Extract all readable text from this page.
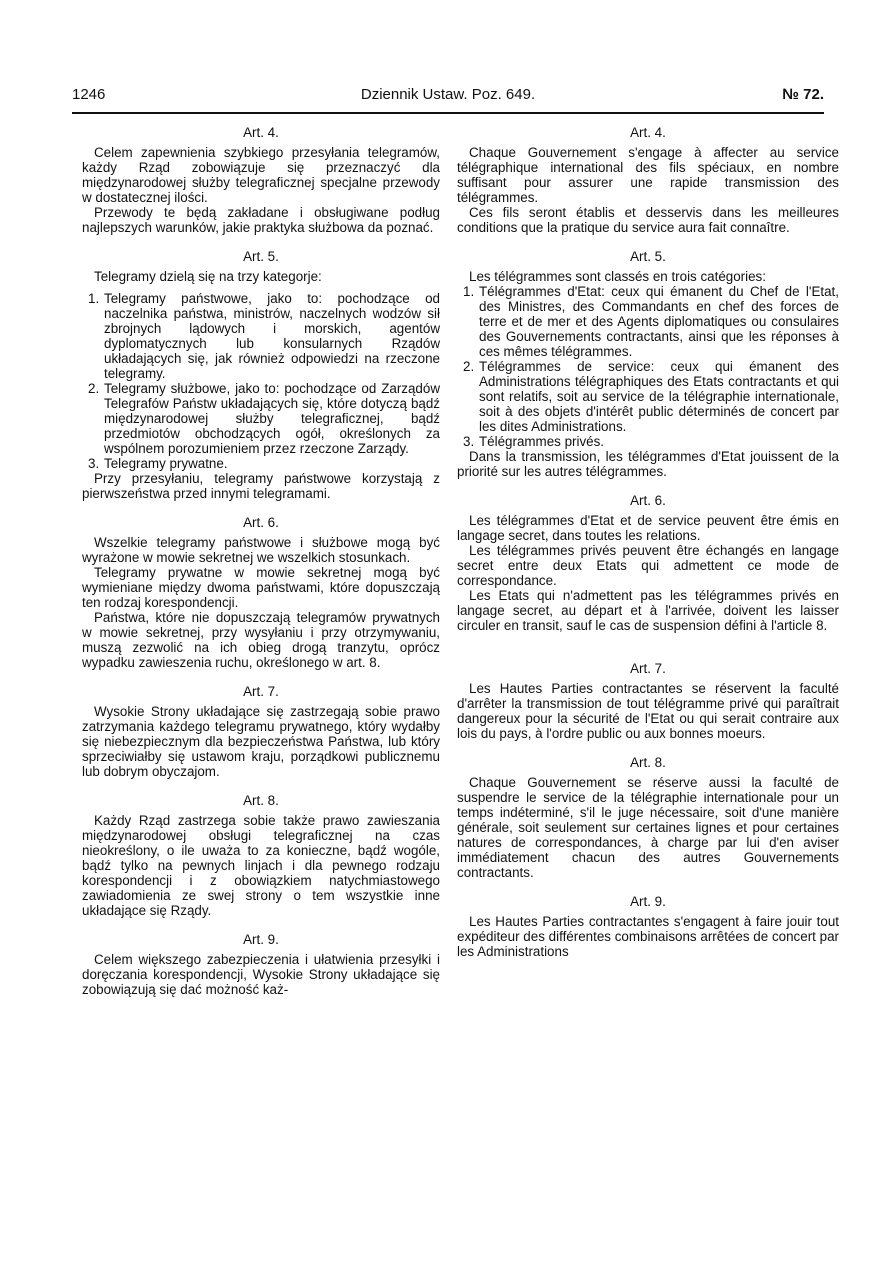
1246	Dziennik Ustaw. Poz. 649.	№ 72.
Art. 4.

Celem zapewnienia szybkiego przesyłania telegramów, każdy Rząd zobowiązuje się przeznaczyć dla międzynarodowej służby telegraficznej specjalne przewody w dostatecznej ilości.

Przewody te będą zakładane i obsługiwane podług najlepszych warunków, jakie praktyka służbowa da poznać.

Art. 5.

Telegramy dzielą się na trzy kategorje:

1. Telegramy państwowe, jako to: pochodzące od naczelnika państwa, ministrów, naczelnych wodzów sił zbrojnych lądowych i morskich, agentów dyplomatycznych lub konsularnych Rządów układających się, jak również odpowiedzi na rzeczone telegramy.
2. Telegramy służbowe, jako to: pochodzące od Zarządów Telegrafów Państw układających się, które dotyczą bądź międzynarodowej służby telegraficznej, bądź przedmiotów obchodzących ogół, określonych za wspólnem porozumieniem przez rzeczone Zarządy.
3. Telegramy prywatne.

Przy przesyłaniu, telegramy państwowe korzystają z pierwszeństwa przed innymi telegramami.

Art. 6.

Wszelkie telegramy państwowe i służbowe mogą być wyrażone w mowie sekretnej we wszelkich stosunkach.

Telegramy prywatne w mowie sekretnej mogą być wymieniane między dwoma państwami, które dopuszczają ten rodzaj korespondencji.

Państwa, które nie dopuszczają telegramów prywatnych w mowie sekretnej, przy wysyłaniu i przy otrzymywaniu, muszą zezwolić na ich obieg drogą tranzytu, oprócz wypadku zawieszenia ruchu, określonego w art. 8.

Art. 7.

Wysokie Strony układające się zastrzegają sobie prawo zatrzymania każdego telegramu prywatnego, który wydałby się niebezpiecznym dla bezpieczeństwa Państwa, lub który sprzeciwiałby się ustawom kraju, porządkowi publicznemu lub dobrym obyczajom.

Art. 8.

Każdy Rząd zastrzega sobie także prawo zawieszania międzynarodowej obsługi telegraficznej na czas nieokreślony, o ile uważa to za konieczne, bądź wogóle, bądź tylko na pewnych linjach i dla pewnego rodzaju korespondencji i z obowiązkiem natychmiastowego zawiadomienia ze swej strony o tem wszystkie inne układające się Rządy.

Art. 9.

Celem większego zabezpieczenia i ułatwienia przesyłki i doręczania korespondencji, Wysokie Strony układające się zobowiązują się dać możność każ-

Art. 4.

Chaque Gouvernement s'engage à affecter au service télégraphique international des fils spéciaux, en nombre suffisant pour assurer une rapide transmission des télégrammes.

Ces fils seront établis et desservis dans les meilleures conditions que la pratique du service aura fait connaître.

Art. 5.

Les télégrammes sont classés en trois catégories:

1. Télégrammes d'Etat: ceux qui émanent du Chef de l'Etat, des Ministres, des Commandants en chef des forces de terre et de mer et des Agents diplomatiques ou consulaires des Gouvernements contractants, ainsi que les réponses à ces mêmes télégrammes.
2. Télégrammes de service: ceux qui émanent des Administrations télégraphiques des Etats contractants et qui sont relatifs, soit au service de la télégraphie internationale, soit à des objets d'intérêt public déterminés de concert par les dites Administrations.
3. Télégrammes privés.

Dans la transmission, les télégrammes d'Etat jouissent de la priorité sur les autres télégrammes.

Art. 6.

Les télégrammes d'Etat et de service peuvent être émis en langage secret, dans toutes les relations.

Les télégrammes privés peuvent être échangés en langage secret entre deux Etats qui admettent ce mode de correspondance.

Les Etats qui n'admettent pas les télégrammes privés en langage secret, au départ et à l'arrivée, doivent les laisser circuler en transit, sauf le cas de suspension défini à l'article 8.

Art. 7.

Les Hautes Parties contractantes se réservent la faculté d'arrêter la transmission de tout télégramme privé qui paraîtrait dangereux pour la sécurité de l'Etat ou qui serait contraire aux lois du pays, à l'ordre public ou aux bonnes moeurs.

Art. 8.

Chaque Gouvernement se réserve aussi la faculté de suspendre le service de la télégraphie internationale pour un temps indéterminé, s'il le juge nécessaire, soit d'une manière générale, soit seulement sur certaines lignes et pour certaines natures de correspondances, à charge par lui d'en aviser immédiatement chacun des autres Gouvernements contractants.

Art. 9.

Les Hautes Parties contractantes s'engagent à faire jouir tout expéditeur des différentes combinaisons arrêtées de concert par les Administrations
